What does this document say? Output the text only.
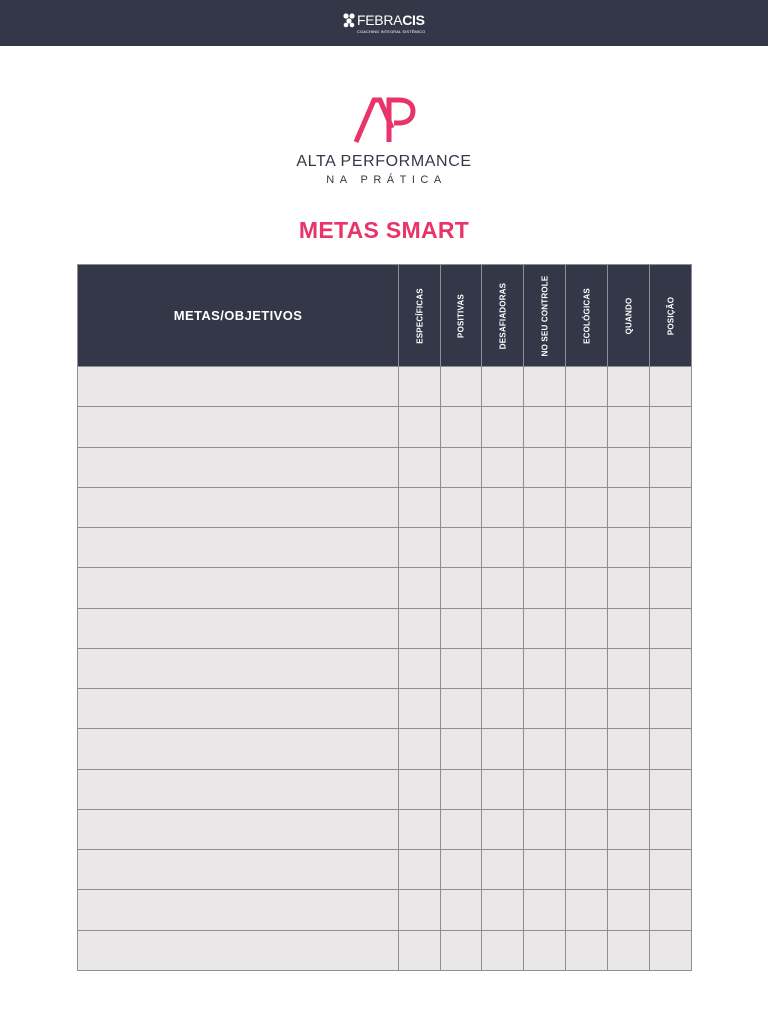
FEBRACIS
COACHING INTEGRAL SISTÊMICO
ALTA PERFORMANCE
NA PRÁTICA
METAS SMART
METAS/OBJETIVOS	ESPECÍFICAS	POSITIVAS	DESAFIADORAS	NO SEU CONTROLE	ECOLÓGICAS	QUANDO	POSIÇÃO
